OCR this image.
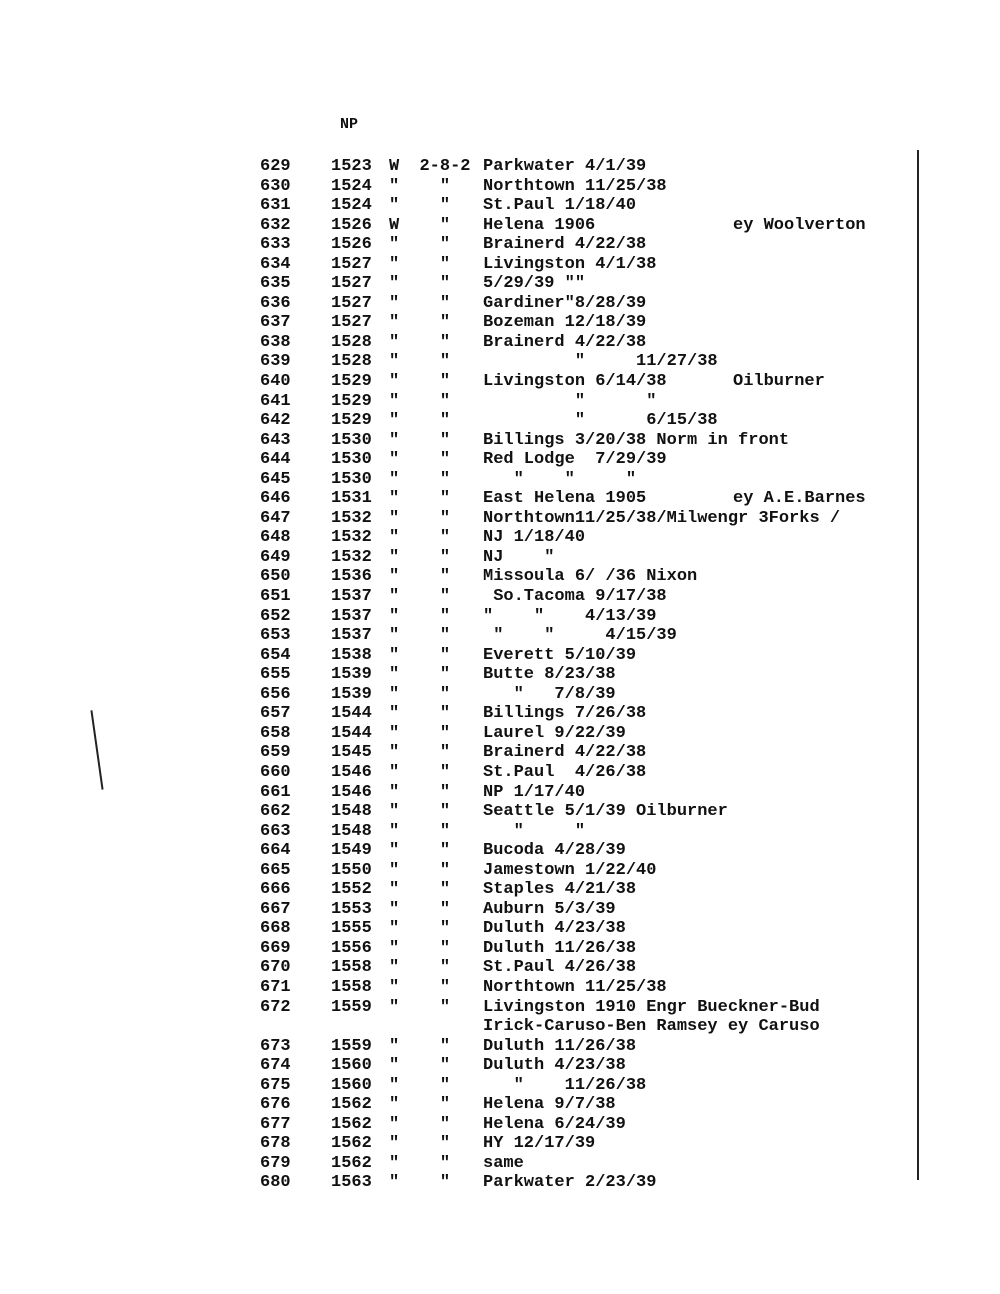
NP
629 1523 W	2-8-2 Parkwater 4/1/39
630 1524 "	"	Northtown 11/25/38
631 1524 "	"	St.Paul 1/18/40
632 1526 W	"	Helena 1906	ey Woolverton
633 1526 "	"	Brainerd 4/22/38
634 1527 "	"	Livingston 4/1/38
635 1527 "	"	5/29/39 ""
636 1527 "	"	Gardiner"8/28/39
637 1527 "	"	Bozeman 12/18/39
638 1528 "	"	Brainerd 4/22/38
639 1528 "	"	"     11/27/38
640 1529 "	"	Livingston 6/14/38	Oilburner
641 1529 "	"	"      "
642 1529 "	"	"      6/15/38
643 1530 "	"	Billings 3/20/38 Norm in front
644 1530 "	"	Red Lodge  7/29/39
645 1530 "	"	"    "     "
646 1531 "	"	East Helena 1905	ey A.E.Barnes
647 1532 "	"	Northtown11/25/38/Milwengr 3Forks /
648 1532 "	"	NJ 1/18/40
649 1532 "	"	NJ    "
650 1536 "	"	Missoula 6/ /36 Nixon
651 1537 "	"	So.Tacoma 9/17/38
652 1537 "	"	"    "    4/13/39
653 1537 "	"	"    "     4/15/39
654 1538 "	"	Everett 5/10/39
655 1539 "	"	Butte 8/23/38
656 1539 "	"	"   7/8/39
657 1544 "	"	Billings 7/26/38
658 1544 "	"	Laurel 9/22/39
659 1545 "	"	Brainerd 4/22/38
660 1546 "	"	St.Paul  4/26/38
661 1546 "	"	NP 1/17/40
662 1548 "	"	Seattle 5/1/39 Oilburner
663 1548 "	"	"     "
664 1549 "	"	Bucoda 4/28/39
665 1550 "	"	Jamestown 1/22/40
666 1552 "	"	Staples 4/21/38
667 1553 "	"	Auburn 5/3/39
668 1555 "	"	Duluth 4/23/38
669 1556 "	"	Duluth 11/26/38
670 1558 "	"	St.Paul 4/26/38
671 1558 "	"	Northtown 11/25/38
672 1559 "	"	Livingston 1910 Engr Bueckner-Bud
Irick-Caruso-Ben Ramsey ey Caruso
673 1559 "	"	Duluth 11/26/38
674 1560 "	"	Duluth 4/23/38
675 1560 "	"	"    11/26/38
676 1562 "	"	Helena 9/7/38
677 1562 "	"	Helena 6/24/39
678 1562 "	"	HY 12/17/39
679 1562 "	"	same
680 1563 "	"	Parkwater 2/23/39
